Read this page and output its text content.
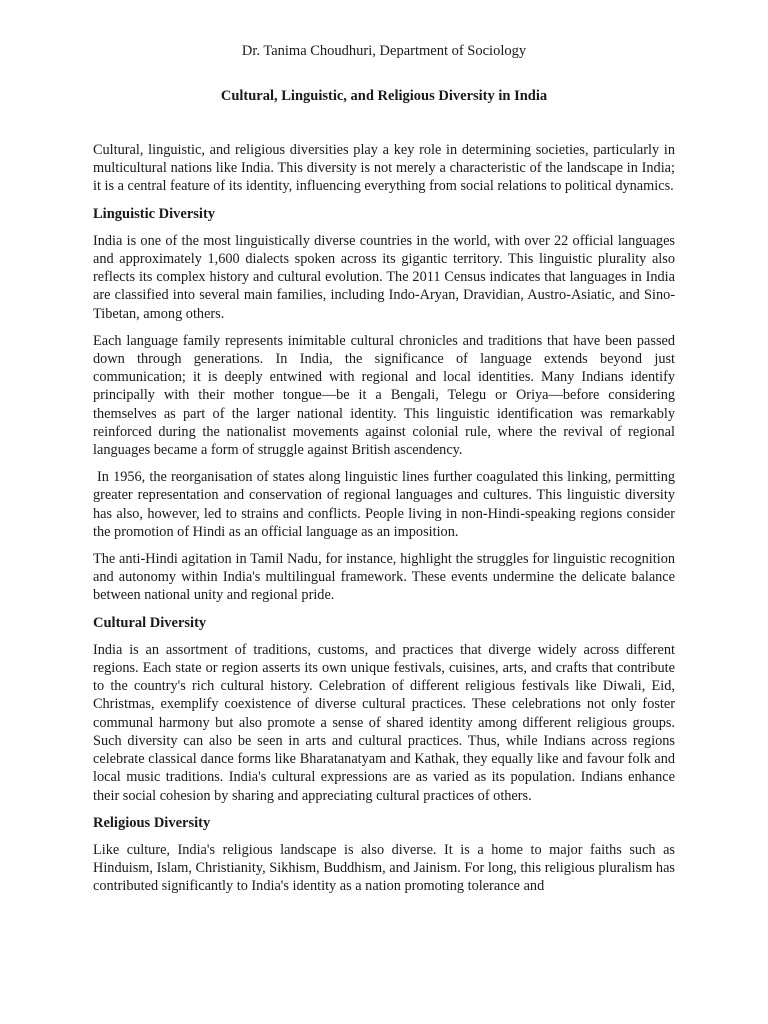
Dr. Tanima Choudhuri, Department of Sociology
Cultural, Linguistic, and Religious Diversity in India

Cultural, linguistic, and religious diversities play a key role in determining societies, particularly in multicultural nations like India. This diversity is not merely a characteristic of the landscape in India; it is a central feature of its identity, influencing everything from social relations to political dynamics.

Linguistic Diversity

India is one of the most linguistically diverse countries in the world, with over 22 official languages and approximately 1,600 dialects spoken across its gigantic territory. This linguistic plurality also reflects its complex history and cultural evolution. The 2011 Census indicates that languages in India are classified into several main families, including Indo-Aryan, Dravidian, Austro-Asiatic, and Sino-Tibetan, among others.

Each language family represents inimitable cultural chronicles and traditions that have been passed down through generations. In India, the significance of language extends beyond just communication; it is deeply entwined with regional and local identities. Many Indians identify principally with their mother tongue—be it a Bengali, Telegu or Oriya—before considering themselves as part of the larger national identity. This linguistic identification was remarkably reinforced during the nationalist movements against colonial rule, where the revival of regional languages became a form of struggle against British ascendency.

In 1956, the reorganisation of states along linguistic lines further coagulated this linking, permitting greater representation and conservation of regional languages and cultures. This linguistic diversity has also, however, led to strains and conflicts. People living in non-Hindi-speaking regions consider the promotion of Hindi as an official language as an imposition.

The anti-Hindi agitation in Tamil Nadu, for instance, highlight the struggles for linguistic recognition and autonomy within India's multilingual framework. These events undermine the delicate balance between national unity and regional pride.

Cultural Diversity

India is an assortment of traditions, customs, and practices that diverge widely across different regions. Each state or region asserts its own unique festivals, cuisines, arts, and crafts that contribute to the country's rich cultural history. Celebration of different religious festivals like Diwali, Eid, Christmas, exemplify coexistence of diverse cultural practices. These celebrations not only foster communal harmony but also promote a sense of shared identity among different religious groups. Such diversity can also be seen in arts and cultural practices. Thus, while Indians across regions celebrate classical dance forms like Bharatanatyam and Kathak, they equally like and favour folk and local music traditions. India's cultural expressions are as varied as its population. Indians enhance their social cohesion by sharing and appreciating cultural practices of others.

Religious Diversity

Like culture, India's religious landscape is also diverse. It is a home to major faiths such as Hinduism, Islam, Christianity, Sikhism, Buddhism, and Jainism. For long, this religious pluralism has contributed significantly to India's identity as a nation promoting tolerance and
